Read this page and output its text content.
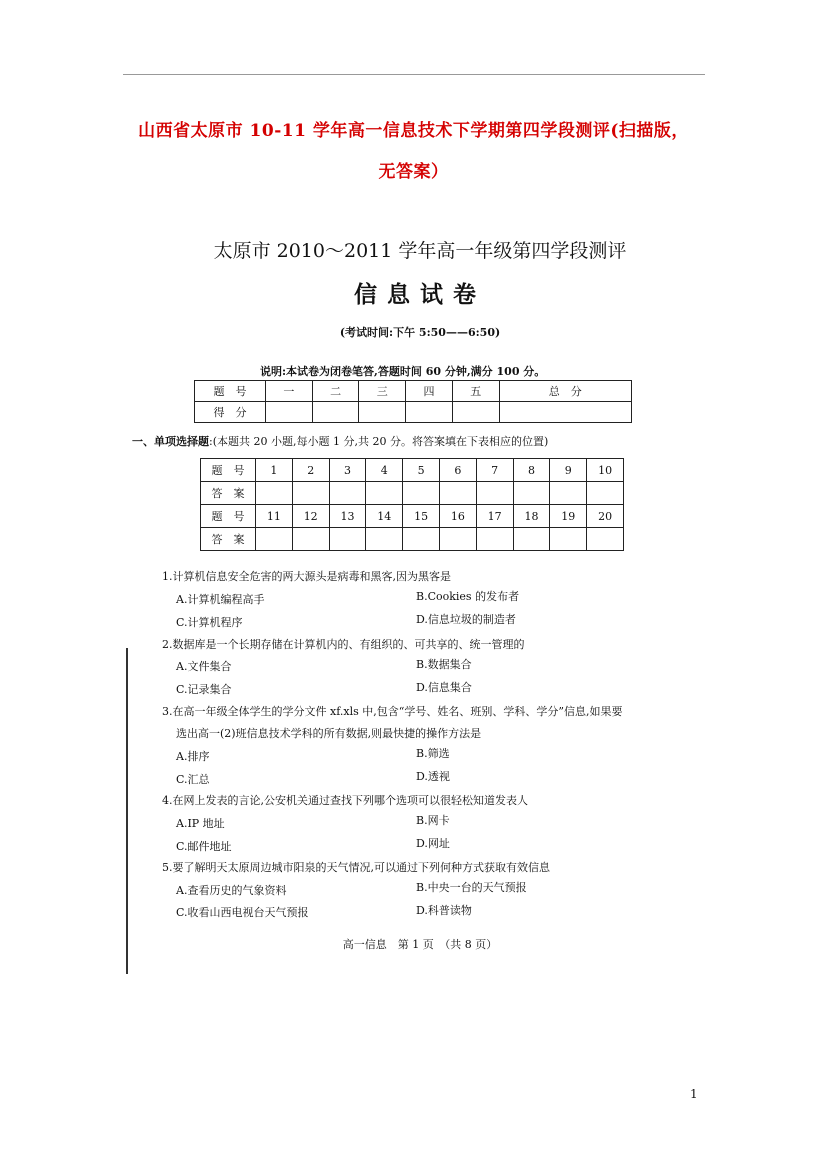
山西省太原市 10-11 学年高一信息技术下学期第四学段测评(扫描版，
无答案）
太原市 2010～2011 学年高一年级第四学段测评
信息试卷
(考试时间:下午 5:50——6:50)
说明:本试卷为闭卷笔答,答题时间 60 分钟,满分 100 分。
题　号	一	二	三	四	五	总　分
得　分						
一、单项选择题:(本题共 20 小题,每小题 1 分,共 20 分。将答案填在下表相应的位置)
题　号	1	2	3	4	5	6	7	8	9	10
答　案										
题　号	11	12	13	14	15	16	17	18	19	20
答　案										
1.计算机信息安全危害的两大源头是病毒和黑客,因为黑客是
A.计算机编程高手	B.Cookies 的发布者
C.计算机程序	D.信息垃圾的制造者
2.数据库是一个长期存储在计算机内的、有组织的、可共享的、统一管理的
A.文件集合	B.数据集合
C.记录集合	D.信息集合
3.在高一年级全体学生的学分文件 xf.xls 中,包含“学号、姓名、班别、学科、学分”信息,如果要
选出高一(2)班信息技术学科的所有数据,则最快捷的操作方法是
A.排序	B.筛选
C.汇总	D.透视
4.在网上发表的言论,公安机关通过查找下列哪个选项可以很轻松知道发表人
A.IP 地址	B.网卡
C.邮件地址	D.网址
5.要了解明天太原周边城市阳泉的天气情况,可以通过下列何种方式获取有效信息
A.查看历史的气象资料	B.中央一台的天气预报
C.收看山西电视台天气预报	D.科普读物
高一信息　第 1 页　（共 8 页）
1
